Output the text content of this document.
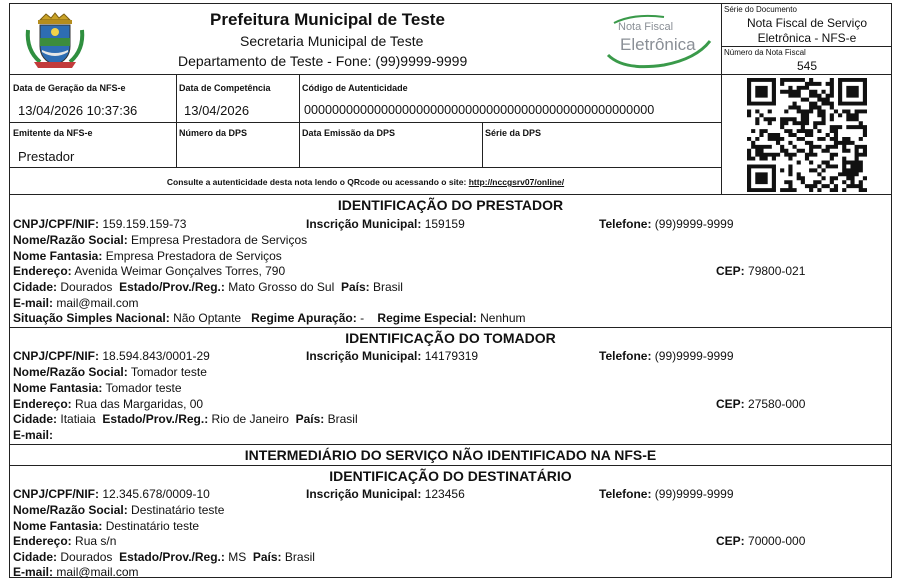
Prefeitura Municipal de Teste
Secretaria Municipal de Teste
Departamento de Teste - Fone: (99)9999-9999
Nota Fiscal
Eletrônica
Série do Documento
Nota Fiscal de Serviço
Eletrônica - NFS-e
Número da Nota Fiscal
545
Data de Geração da NFS-e
13/04/2026 10:37:36
Data de Competência
13/04/2026
Código de Autenticidade
00000000000000000000000000000000000000000000000000
Emitente da NFS-e
Prestador
Número da DPS	Data Emissão da DPS	Série da DPS
Consulte a autenticidade desta nota lendo o QRcode ou acessando o site: http://nccgsrv07/online/
IDENTIFICAÇÃO DO PRESTADOR
CNPJ/CPF/NIF: 159.159.159-73	Inscrição Municipal: 159159	Telefone: (99)9999-9999
Nome/Razão Social: Empresa Prestadora de Serviços
Nome Fantasia: Empresa Prestadora de Serviços
Endereço: Avenida Weimar Gonçalves Torres, 790	CEP: 79800-021
Cidade: Dourados Estado/Prov./Reg.: Mato Grosso do Sul País: Brasil
E-mail: mail@mail.com
Situação Simples Nacional: Não Optante Regime Apuração: - Regime Especial: Nenhum
IDENTIFICAÇÃO DO TOMADOR
CNPJ/CPF/NIF: 18.594.843/0001-29	Inscrição Municipal: 14179319	Telefone: (99)9999-9999
Nome/Razão Social: Tomador teste
Nome Fantasia: Tomador teste
Endereço: Rua das Margaridas, 00	CEP: 27580-000
Cidade: Itatiaia Estado/Prov./Reg.: Rio de Janeiro País: Brasil
E-mail:
INTERMEDIÁRIO DO SERVIÇO NÃO IDENTIFICADO NA NFS-E
IDENTIFICAÇÃO DO DESTINATÁRIO
CNPJ/CPF/NIF: 12.345.678/0009-10	Inscrição Municipal: 123456	Telefone: (99)9999-9999
Nome/Razão Social: Destinatário teste
Nome Fantasia: Destinatário teste
Endereço: Rua s/n	CEP: 70000-000
Cidade: Dourados Estado/Prov./Reg.: MS País: Brasil
E-mail: mail@mail.com
